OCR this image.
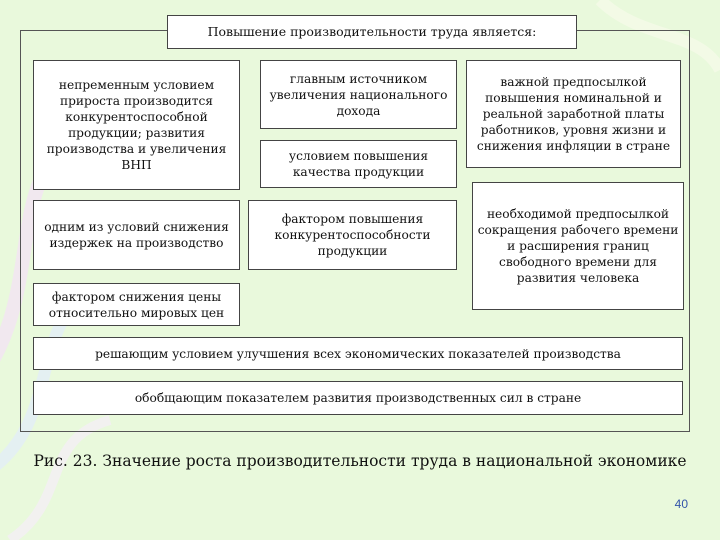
Повышение производительности труда является:
непременным условием прироста производится конкурентоспособной продукции; развития производства и увеличения ВНП
главным источником увеличения национального дохода
важной предпосылкой повышения номинальной и реальной заработной платы работников, уровня жизни и снижения инфляции в стране
условием повышения качества продукции
одним из условий снижения издержек на производство
фактором повышения конкурентоспособности продукции
необходимой предпосылкой сокращения рабочего времени и расширения границ свободного времени для развития человека
фактором снижения цены относительно мировых цен
решающим условием улучшения всех экономических показателей производства
обобщающим показателем развития производственных сил в стране
Рис. 23. Значение роста производительности труда в национальной экономике
40
